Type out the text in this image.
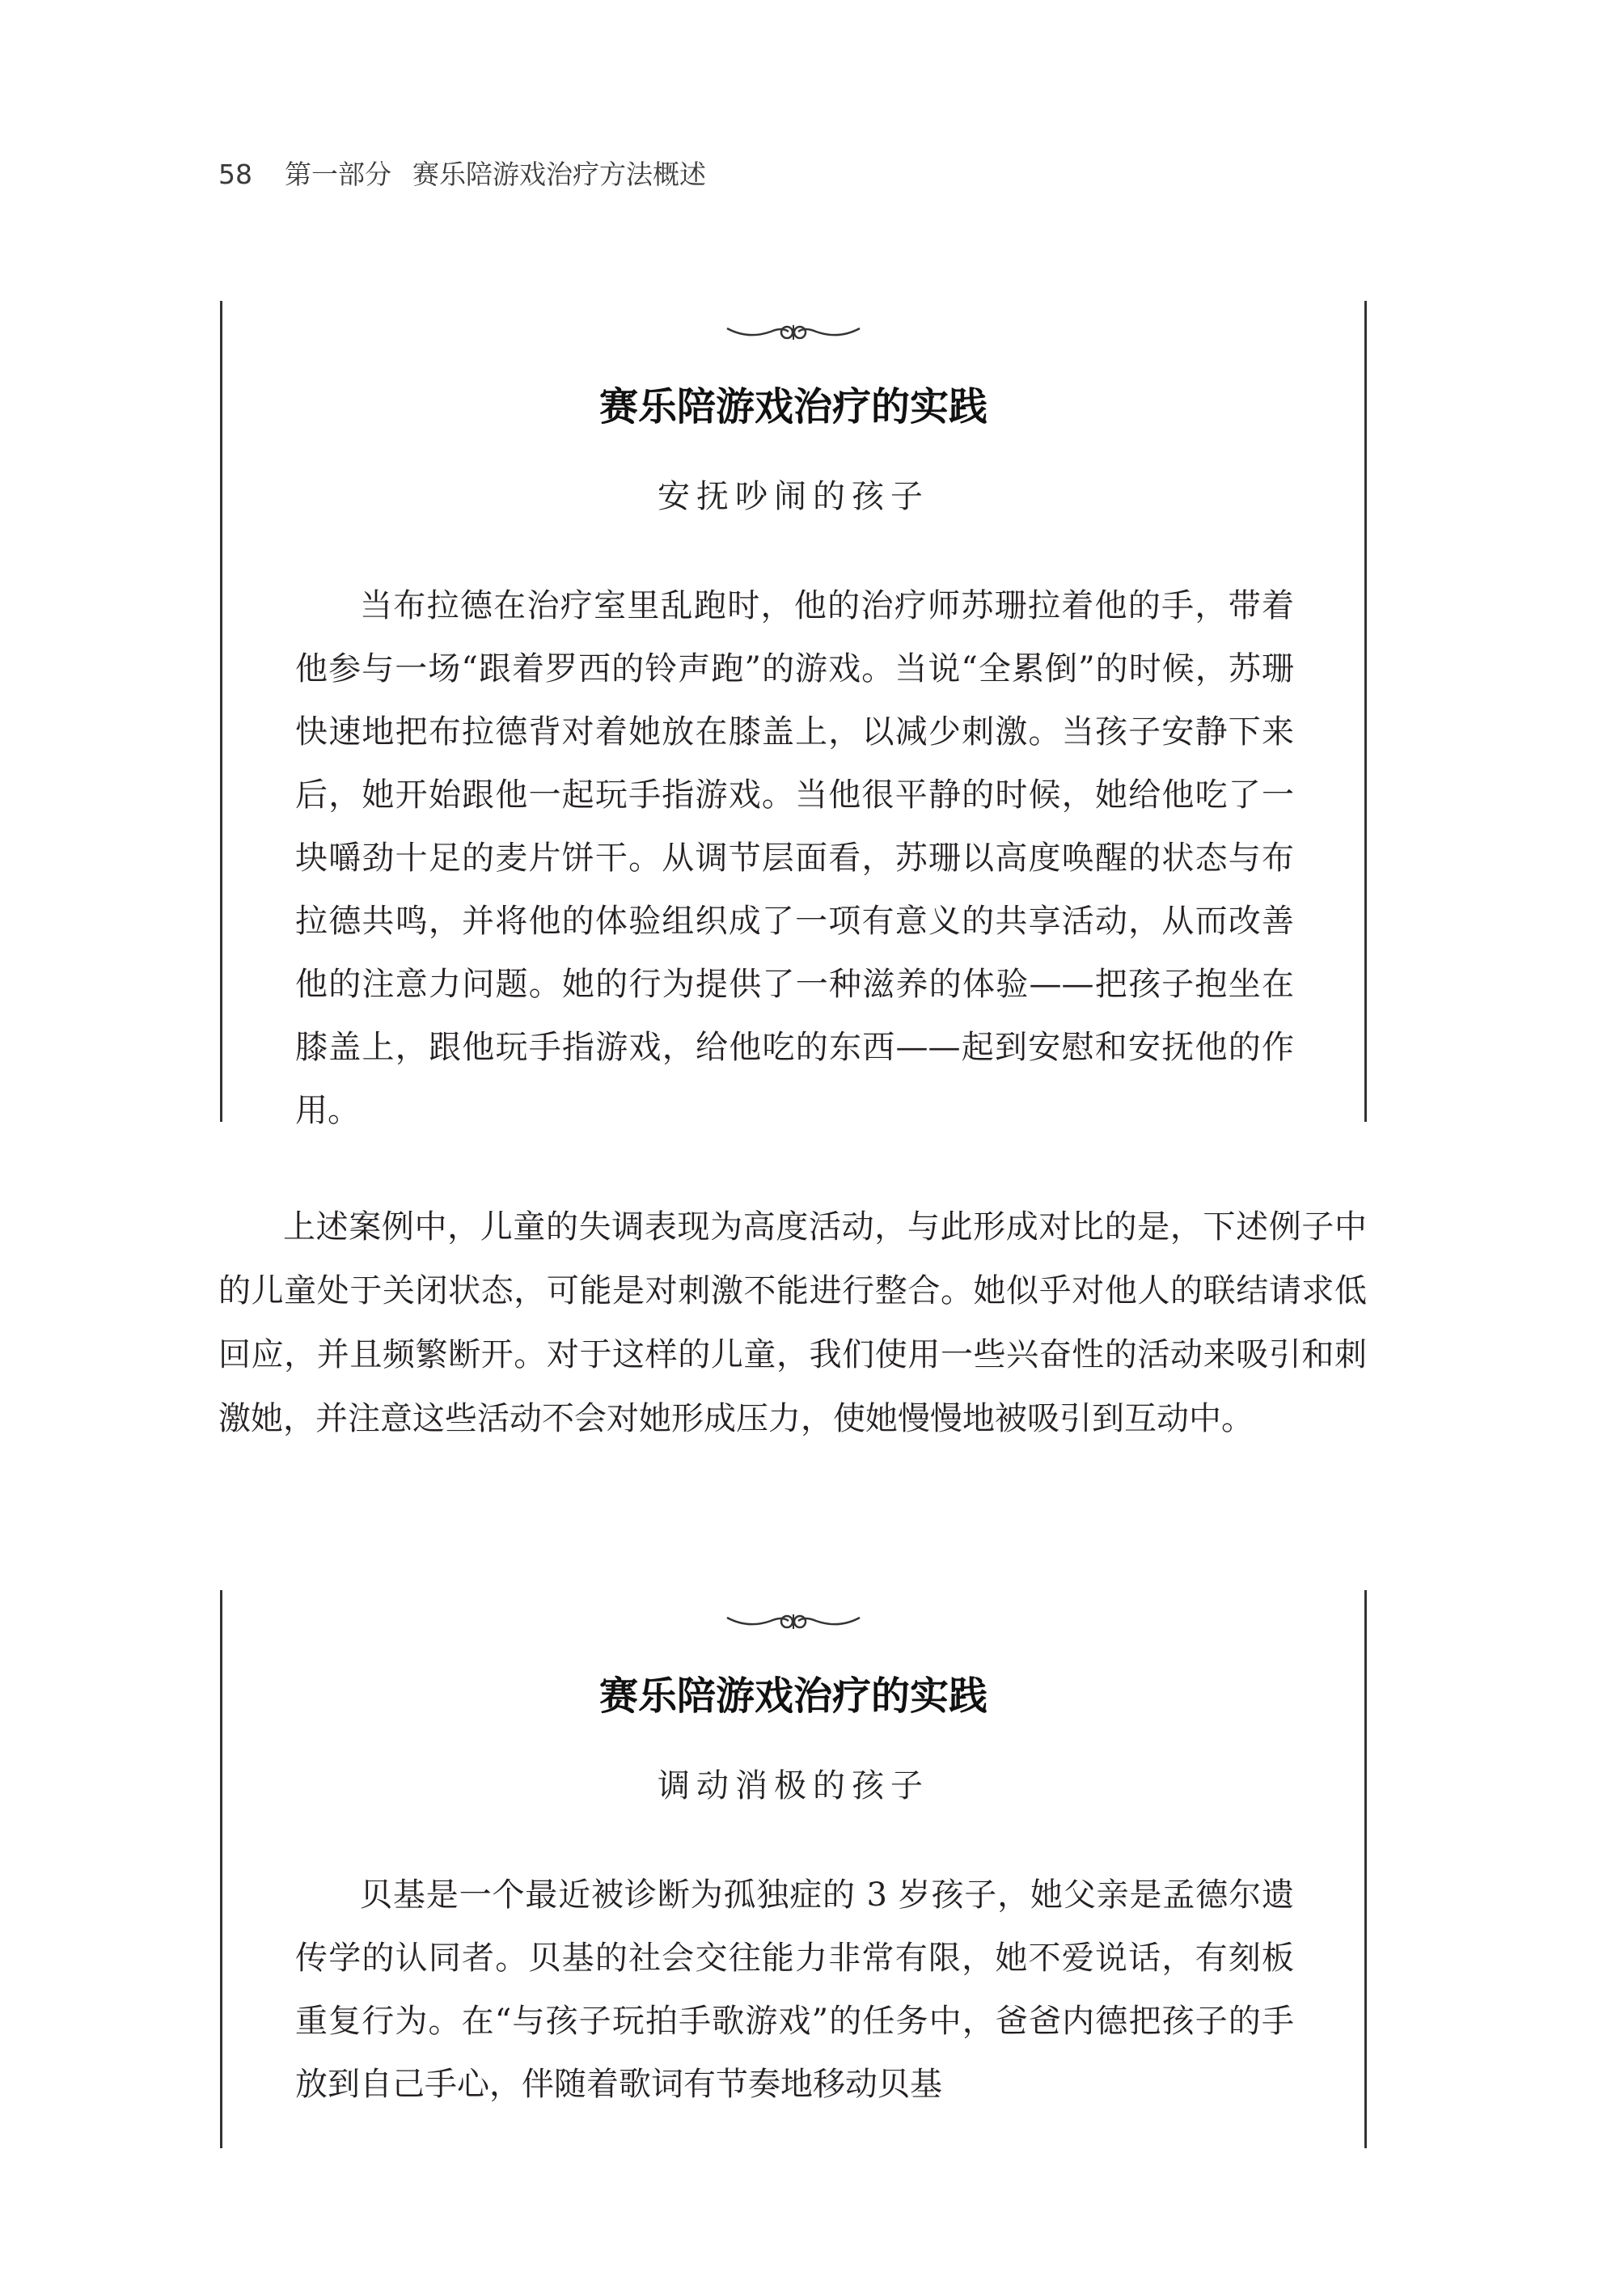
58 第一部分 赛乐陪游戏治疗方法概述
赛乐陪游戏治疗的实践

安抚吵闹的孩子

当布拉德在治疗室里乱跑时，他的治疗师苏珊拉着他的手，带着他参与一场“跟着罗西的铃声跑”的游戏。当说“全累倒”的时候，苏珊快速地把布拉德背对着她放在膝盖上，以减少刺激。当孩子安静下来后，她开始跟他一起玩手指游戏。当他很平静的时候，她给他吃了一块嚼劲十足的麦片饼干。从调节层面看，苏珊以高度唤醒的状态与布拉德共鸣，并将他的体验组织成了一项有意义的共享活动，从而改善他的注意力问题。她的行为提供了一种滋养的体验——把孩子抱坐在膝盖上，跟他玩手指游戏，给他吃的东西——起到安慰和安抚他的作用。

上述案例中，儿童的失调表现为高度活动，与此形成对比的是，下述例子中的儿童处于关闭状态，可能是对刺激不能进行整合。她似乎对他人的联结请求低回应，并且频繁断开。对于这样的儿童，我们使用一些兴奋性的活动来吸引和刺激她，并注意这些活动不会对她形成压力，使她慢慢地被吸引到互动中。

赛乐陪游戏治疗的实践

调动消极的孩子

贝基是一个最近被诊断为孤独症的 3 岁孩子，她父亲是孟德尔遗传学的认同者。贝基的社会交往能力非常有限，她不爱说话，有刻板重复行为。在“与孩子玩拍手歌游戏”的任务中，爸爸内德把孩子的手放到自己手心，伴随着歌词有节奏地移动贝基
